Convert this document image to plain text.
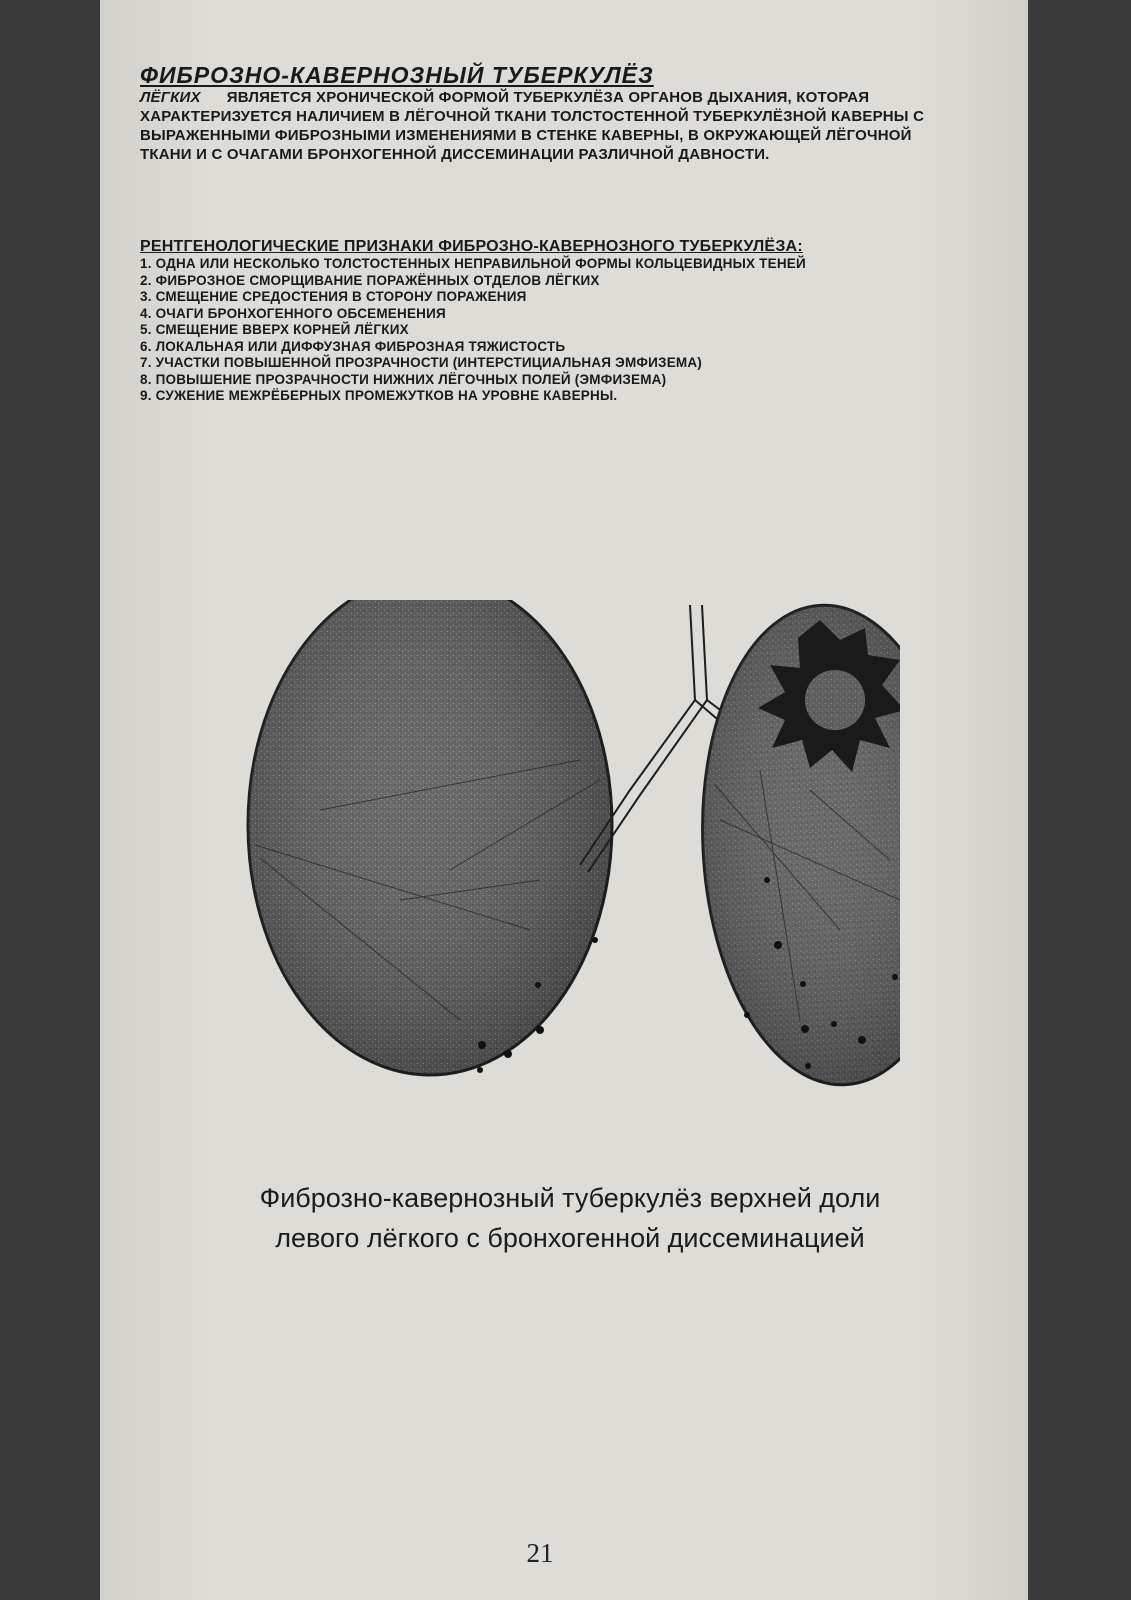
ФИБРОЗНО-КАВЕРНОЗНЫЙ ТУБЕРКУЛЁЗ
ЛЁГКИХ ЯВЛЯЕТСЯ ХРОНИЧЕСКОЙ ФОРМОЙ ТУБЕРКУЛЁЗА ОРГАНОВ ДЫХАНИЯ, КОТОРАЯ ХАРАКТЕРИЗУЕТСЯ НАЛИЧИЕМ В ЛЁГОЧНОЙ ТКАНИ ТОЛСТОСТЕННОЙ ТУБЕРКУЛЁЗНОЙ КАВЕРНЫ С ВЫРАЖЕННЫМИ ФИБРОЗНЫМИ ИЗМЕНЕНИЯМИ В СТЕНКЕ КАВЕРНЫ, В ОКРУЖАЮЩЕЙ ЛЁГОЧНОЙ ТКАНИ И С ОЧАГАМИ БРОНХОГЕННОЙ ДИССЕМИНАЦИИ РАЗЛИЧНОЙ ДАВНОСТИ.
РЕНТГЕНОЛОГИЧЕСКИЕ ПРИЗНАКИ ФИБРОЗНО-КАВЕРНОЗНОГО ТУБЕРКУЛЁЗА:
1. ОДНА ИЛИ НЕСКОЛЬКО ТОЛСТОСТЕННЫХ НЕПРАВИЛЬНОЙ ФОРМЫ КОЛЬЦЕВИДНЫХ ТЕНЕЙ
2. ФИБРОЗНОЕ СМОРЩИВАНИЕ ПОРАЖЁННЫХ ОТДЕЛОВ ЛЁГКИХ
3. СМЕЩЕНИЕ СРЕДОСТЕНИЯ В СТОРОНУ ПОРАЖЕНИЯ
4. ОЧАГИ БРОНХОГЕННОГО ОБСЕМЕНЕНИЯ
5. СМЕЩЕНИЕ ВВЕРХ КОРНЕЙ ЛЁГКИХ
6. ЛОКАЛЬНАЯ ИЛИ ДИФФУЗНАЯ ФИБРОЗНАЯ ТЯЖИСТОСТЬ
7. УЧАСТКИ ПОВЫШЕННОЙ ПРОЗРАЧНОСТИ (ИНТЕРСТИЦИАЛЬНАЯ ЭМФИЗЕМА)
8. ПОВЫШЕНИЕ ПРОЗРАЧНОСТИ НИЖНИХ ЛЁГОЧНЫХ ПОЛЕЙ (ЭМФИЗЕМА)
9. СУЖЕНИЕ МЕЖРЁБЕРНЫХ ПРОМЕЖУТКОВ НА УРОВНЕ КАВЕРНЫ.
Фиброзно-кавернозный туберкулёз верхней доли
левого лёгкого с бронхогенной диссеминацией
21
